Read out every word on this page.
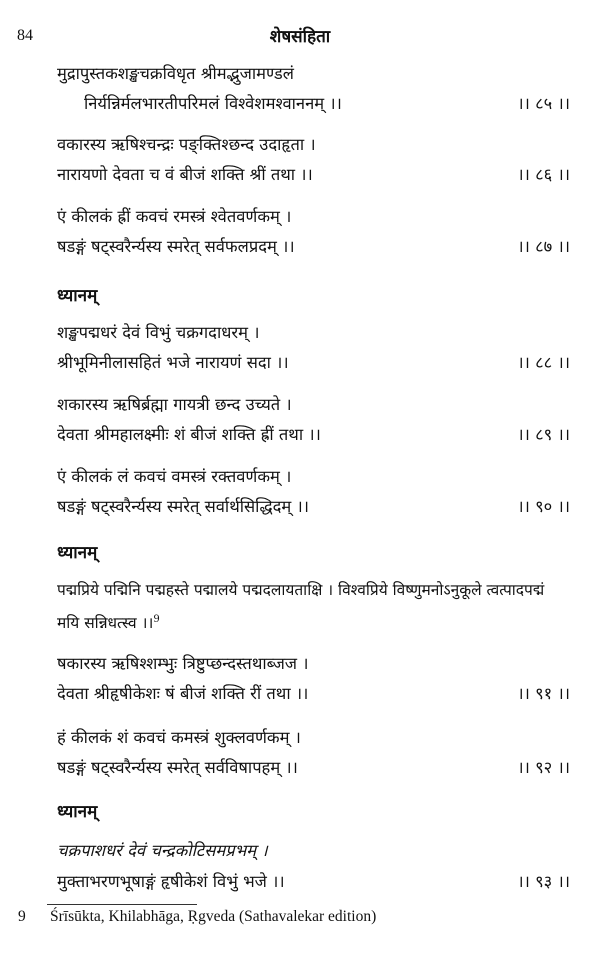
84	शेषसंहिता
मुद्रापुस्तकशङ्खचक्रविधृत श्रीमद्भुजामण्डलं
निर्यन्निर्मलभारतीपरिमलं विश्वेशमश्वाननम् ।।	।। ८५ ।।
वकारस्य ऋषिश्चन्द्रः पङ्क्तिश्छन्द उदाहृता ।
नारायणो देवता च वं बीजं शक्ति श्रीं तथा ।।	।। ८६ ।।
एं कीलकं ह्रीं कवचं रमस्त्रं श्वेतवर्णकम् ।
षडङ्गं षट्स्वरैर्न्यस्य स्मरेत् सर्वफलप्रदम् ।।	।। ८७ ।।
ध्यानम्
शङ्खपद्मधरं देवं विभुं चक्रगदाधरम् ।
श्रीभूमिनीलासहितं भजे नारायणं सदा ।।	।। ८८ ।।
शकारस्य ऋषिर्ब्रह्मा गायत्री छन्द उच्यते ।
देवता श्रीमहालक्ष्मीः शं बीजं शक्ति ह्रीं तथा ।।	।। ८९ ।।
एं कीलकं लं कवचं वमस्त्रं रक्तवर्णकम् ।
षडङ्गं षट्स्वरैर्न्यस्य स्मरेत् सर्वार्थसिद्धिदम् ।।	।। ९० ।।
ध्यानम्
पद्मप्रिये पद्मिनि पद्महस्ते पद्मालये पद्मदलायताक्षि । विश्वप्रिये विष्णुमनोऽनुकूले त्वत्पादपद्मं
मयि सन्निधत्स्व ।।$^9$
षकारस्य ऋषिश्शम्भुः त्रिष्टुप्छन्दस्तथाब्जज ।
देवता श्रीहृषीकेशः षं बीजं शक्ति रीं तथा ।।	।। ९१ ।।
हं कीलकं शं कवचं कमस्त्रं शुक्लवर्णकम् ।
षडङ्गं षट्स्वरैर्न्यस्य स्मरेत् सर्वविषापहम् ।।	।। ९२ ।।
ध्यानम्
चक्रपाशधरं देवं चन्द्रकोटिसमप्रभम् ।
मुक्ताभरणभूषाङ्गं हृषीकेशं विभुं भजे ।।	।। ९३ ।।
9 Śrīsūkta, Khilabhāga, Ṛgveda (Sathavalekar edition)
